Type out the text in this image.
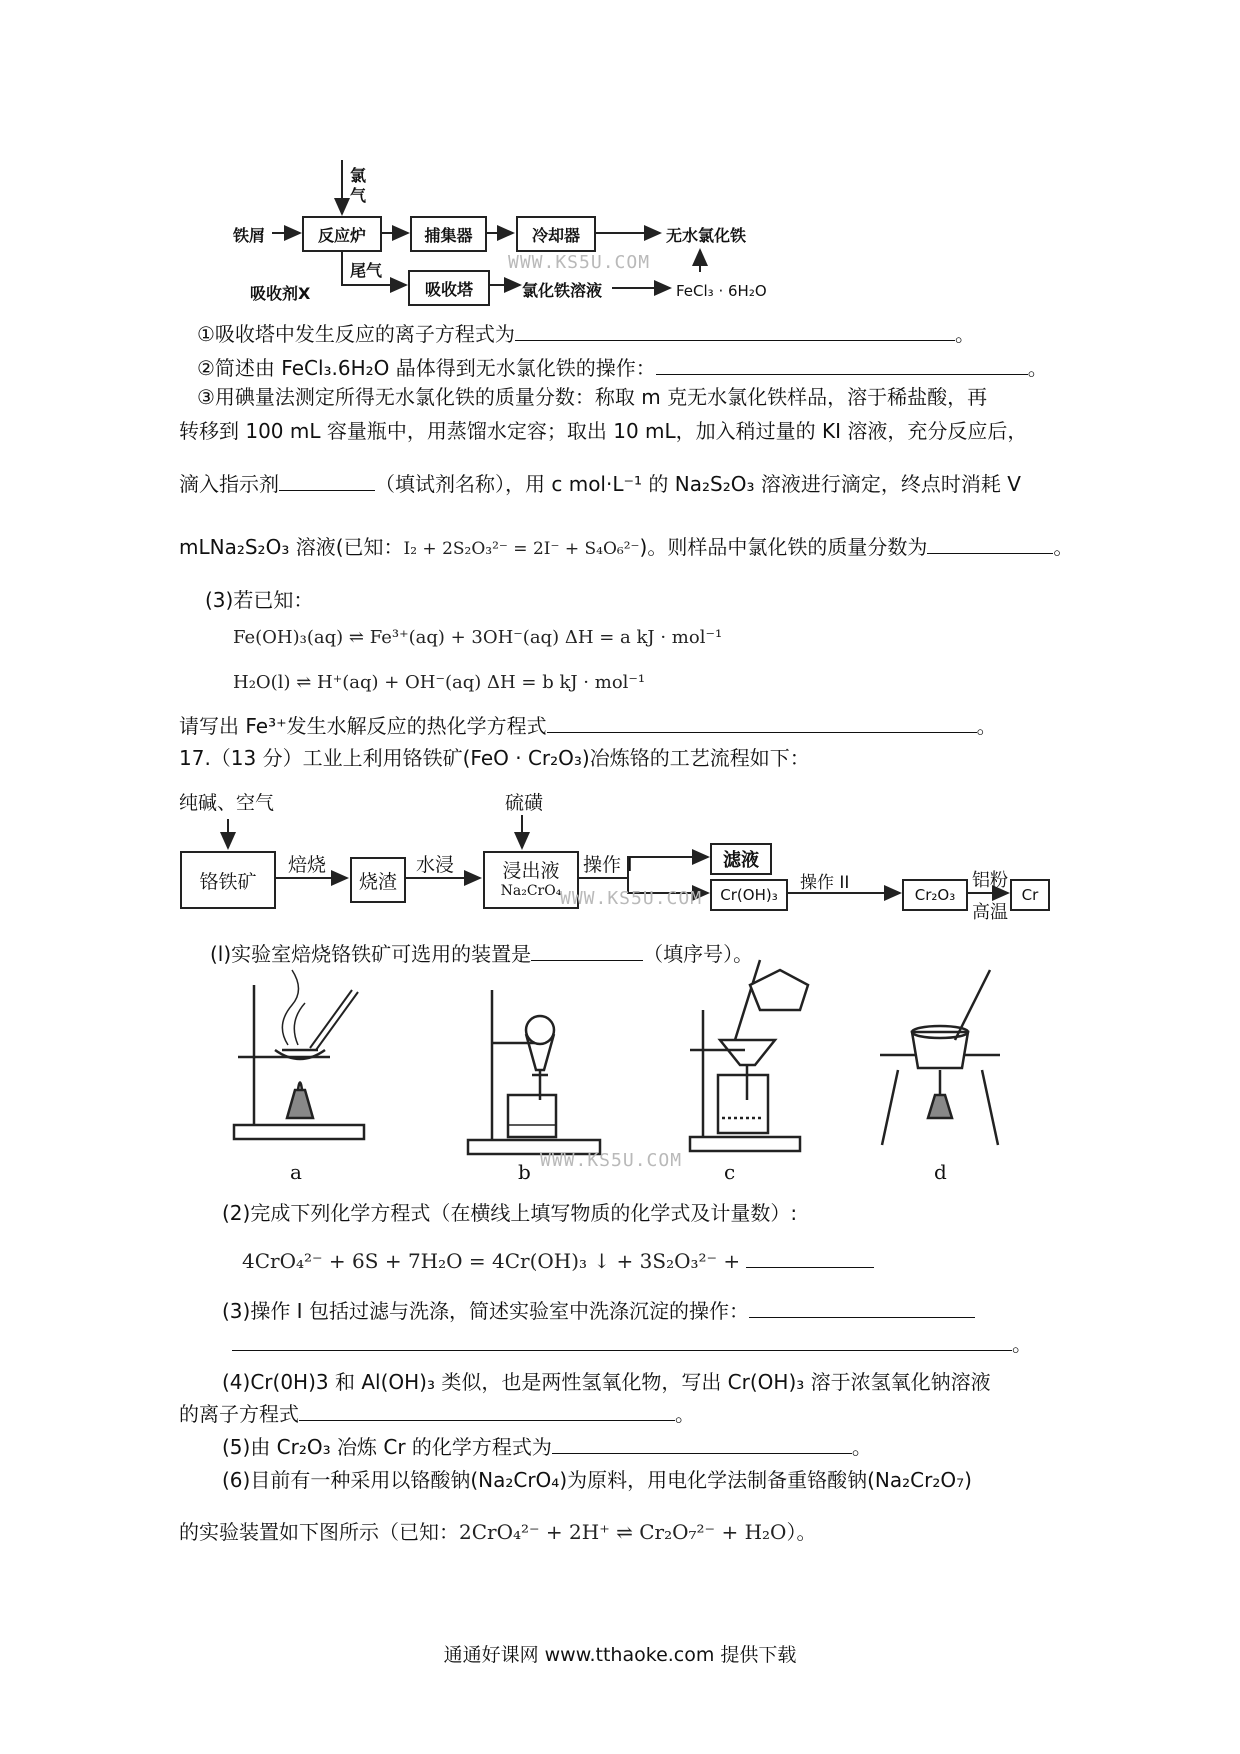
氯气
铁屑	反应炉	捕集器	冷却器	无水氯化铁
尾气
吸收剂X	吸收塔	氯化铁溶液	FeCl₃ · 6H₂O
WWW.KS5U.COM
①吸收塔中发生反应的离子方程式为	。
②简述由 FeCl₃.6H₂O 晶体得到无水氯化铁的操作：	。
③用碘量法测定所得无水氯化铁的质量分数：称取 m 克无水氯化铁样品，溶于稀盐酸，再
转移到 100 mL 容量瓶中，用蒸馏水定容；取出 10 mL，加入稍过量的 KI 溶液，充分反应后，
滴入指示剂	（填试剂名称），用 c mol·L⁻¹ 的 Na₂S₂O₃ 溶液进行滴定，终点时消耗 V
mLNa₂S₂O₃ 溶液(已知：I₂ + 2S₂O₃²⁻ = 2I⁻ + S₄O₆²⁻)。则样品中氯化铁的质量分数为	。
(3)若已知：
Fe(OH)₃(aq) ⇌ Fe³⁺(aq) + 3OH⁻(aq) ΔH = a kJ · mol⁻¹
H₂O(l) ⇌ H⁺(aq) + OH⁻(aq) ΔH = b kJ · mol⁻¹
请写出 Fe³⁺发生水解反应的热化学方程式	。
17.（13 分）工业上利用铬铁矿(FeO · Cr₂O₃)冶炼铬的工艺流程如下：
纯碱、空气	硫磺
铬铁矿
焙烧
烧渣
水浸	浸出液
Na₂CrO₄
操作 I	滤液
Cr(OH)₃
操作 II
Cr₂O₃
铝粉
高温
Cr
WWW.KS5U.COM
(l)实验室焙烧铬铁矿可选用的装置是	（填序号）。
a	b	c	d
WWW.KS5U.COM
(2)完成下列化学方程式（在横线上填写物质的化学式及计量数）:
4CrO₄²⁻ + 6S + 7H₂O = 4Cr(OH)₃ ↓ + 3S₂O₃²⁻ +
(3)操作 I 包括过滤与洗涤，简述实验室中洗涤沉淀的操作：
。
(4)Cr(0H)3 和 Al(OH)₃ 类似，也是两性氢氧化物，写出 Cr(OH)₃ 溶于浓氢氧化钠溶液
的离子方程式	。
(5)由 Cr₂O₃ 冶炼 Cr 的化学方程式为	。
(6)目前有一种采用以铬酸钠(Na₂CrO₄)为原料，用电化学法制备重铬酸钠(Na₂Cr₂O₇)
的实验装置如下图所示（已知：2CrO₄²⁻ + 2H⁺ ⇌ Cr₂O₇²⁻ + H₂O）。
通通好课网 www.tthaoke.com 提供下载
